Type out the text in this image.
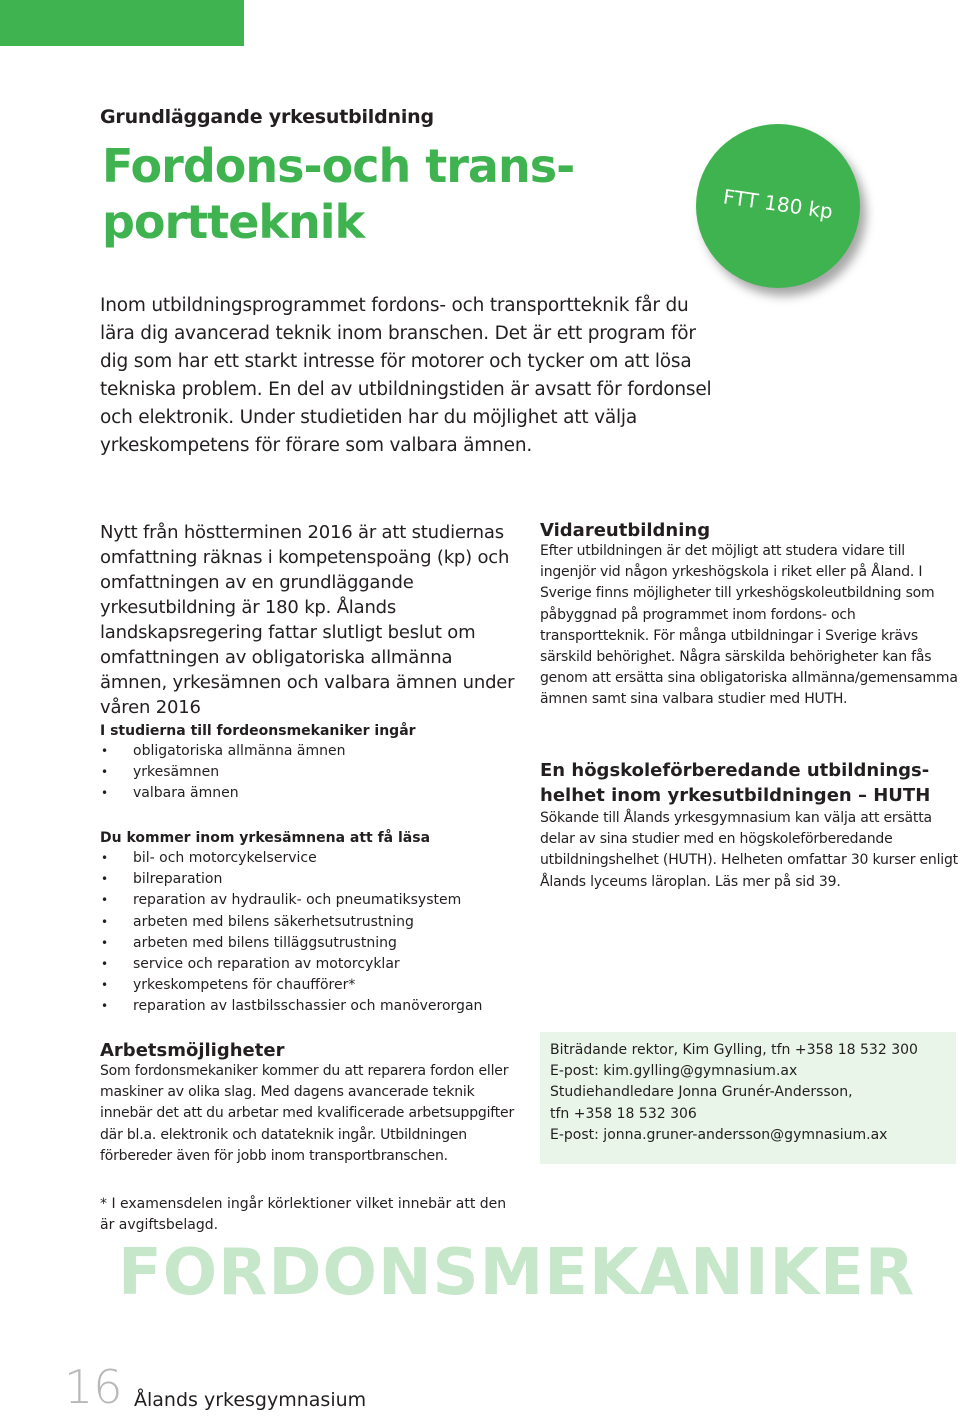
Grundläggande yrkesutbildning
Fordons-och trans-
portteknik	FTT 180 kp
Inom utbildningsprogrammet fordons- och transportteknik får du lära dig avancerad teknik inom branschen. Det är ett program för dig som har ett starkt intresse för motorer och tycker om att lösa tekniska problem. En del av utbildningstiden är avsatt för fordonsel och elektronik. Under studietiden har du möjlighet att välja yrkeskompetens för förare som valbara ämnen.
Nytt från höstterminen 2016 är att studiernas omfattning räknas i kompetenspoäng (kp) och omfattningen av en grundläggande yrkesutbildning är 180 kp. Ålands landskapsregering fattar slutligt beslut om omfattningen av obligatoriska allmänna ämnen, yrkesämnen och valbara ämnen under våren 2016
I studierna till fordeonsmekaniker ingår
• obligatoriska allmänna ämnen
• yrkesämnen
• valbara ämnen
Du kommer inom yrkesämnena att få läsa
• bil- och motorcykelservice
• bilreparation
• reparation av hydraulik- och pneumatiksystem
• arbeten med bilens säkerhetsutrustning
• arbeten med bilens tilläggsutrustning
• service och reparation av motorcyklar
• yrkeskompetens för chaufförer*
• reparation av lastbilsschassier och manöverorgan
Vidareutbildning
Efter utbildningen är det möjligt att studera vidare till ingenjör vid någon yrkeshögskola i riket eller på Åland. I Sverige finns möjligheter till yrkeshögskoleutbildning som påbyggnad på programmet inom fordons- och transportteknik. För många utbildningar i Sverige krävs särskild behörighet. Några särskilda behörigheter kan fås genom att ersätta sina obligatoriska allmänna/gemensamma ämnen samt sina valbara studier med HUTH.
En högskoleförberedande utbildnings-
helhet inom yrkesutbildningen – HUTH
Sökande till Ålands yrkesgymnasium kan välja att ersätta delar av sina studier med en högskoleförberedande utbildningshelhet (HUTH). Helheten omfattar 30 kurser enligt Ålands lyceums läroplan. Läs mer på sid 39.
Biträdande rektor, Kim Gylling, tfn +358 18 532 300
E-post: kim.gylling@gymnasium.ax
Studiehandledare Jonna Grunér-Andersson,
tfn +358 18 532 306
E-post: jonna.gruner-andersson@gymnasium.ax
Arbetsmöjligheter
Som fordonsmekaniker kommer du att reparera fordon eller maskiner av olika slag. Med dagens avancerade teknik innebär det att du arbetar med kvalificerade arbetsuppgifter där bl.a. elektronik och datateknik ingår. Utbildningen förbereder även för jobb inom transportbranschen.
* I examensdelen ingår körlektioner vilket innebär att den är avgiftsbelagd.
FORDONSMEKANIKER
16 Ålands yrkesgymnasium
